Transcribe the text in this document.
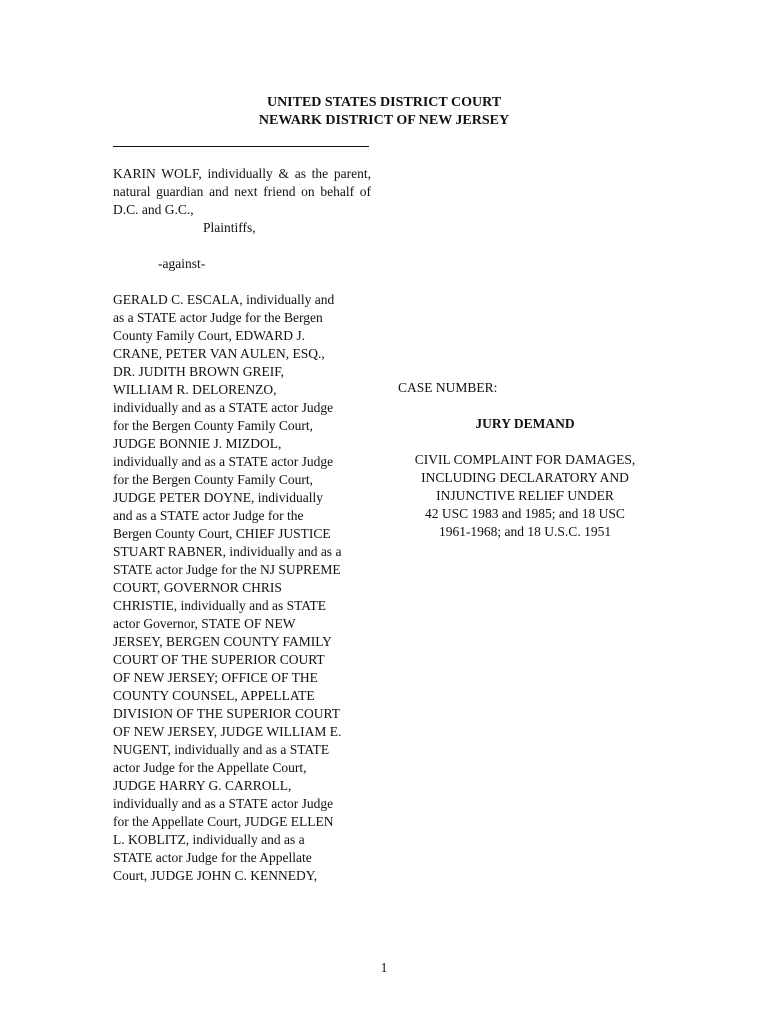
UNITED STATES DISTRICT COURT
NEWARK DISTRICT OF NEW JERSEY

KARIN WOLF, individually & as the parent, natural guardian and next friend on behalf of D.C. and G.C.,

Plaintiffs,
-against-
GERALD C. ESCALA, individually and
as a STATE actor Judge for the Bergen
County Family Court, EDWARD J.
CRANE, PETER VAN AULEN, ESQ.,
DR. JUDITH BROWN GREIF,
WILLIAM R. DELORENZO,
individually and as a STATE actor Judge
for the Bergen County Family Court,
JUDGE BONNIE J. MIZDOL,
individually and as a STATE actor Judge
for the Bergen County Family Court,
JUDGE PETER DOYNE, individually
and as a STATE actor Judge for the
Bergen County Court, CHIEF JUSTICE
STUART RABNER, individually and as a
STATE actor Judge for the NJ SUPREME
COURT, GOVERNOR CHRIS
CHRISTIE, individually and as STATE
actor Governor, STATE OF NEW
JERSEY, BERGEN COUNTY FAMILY
COURT OF THE SUPERIOR COURT
OF NEW JERSEY; OFFICE OF THE
COUNTY COUNSEL, APPELLATE
DIVISION OF THE SUPERIOR COURT
OF NEW JERSEY, JUDGE WILLIAM E.
NUGENT, individually and as a STATE
actor Judge for the Appellate Court,
JUDGE HARRY G. CARROLL,
individually and as a STATE actor Judge
for the Appellate Court, JUDGE ELLEN
L. KOBLITZ, individually and as a
STATE actor Judge for the Appellate
Court, JUDGE JOHN C. KENNEDY,
CASE NUMBER:
JURY DEMAND
CIVIL COMPLAINT FOR DAMAGES,
INCLUDING DECLARATORY AND
INJUNCTIVE RELIEF UNDER
42 USC 1983 and 1985; and 18 USC
1961-1968; and 18 U.S.C. 1951
1
